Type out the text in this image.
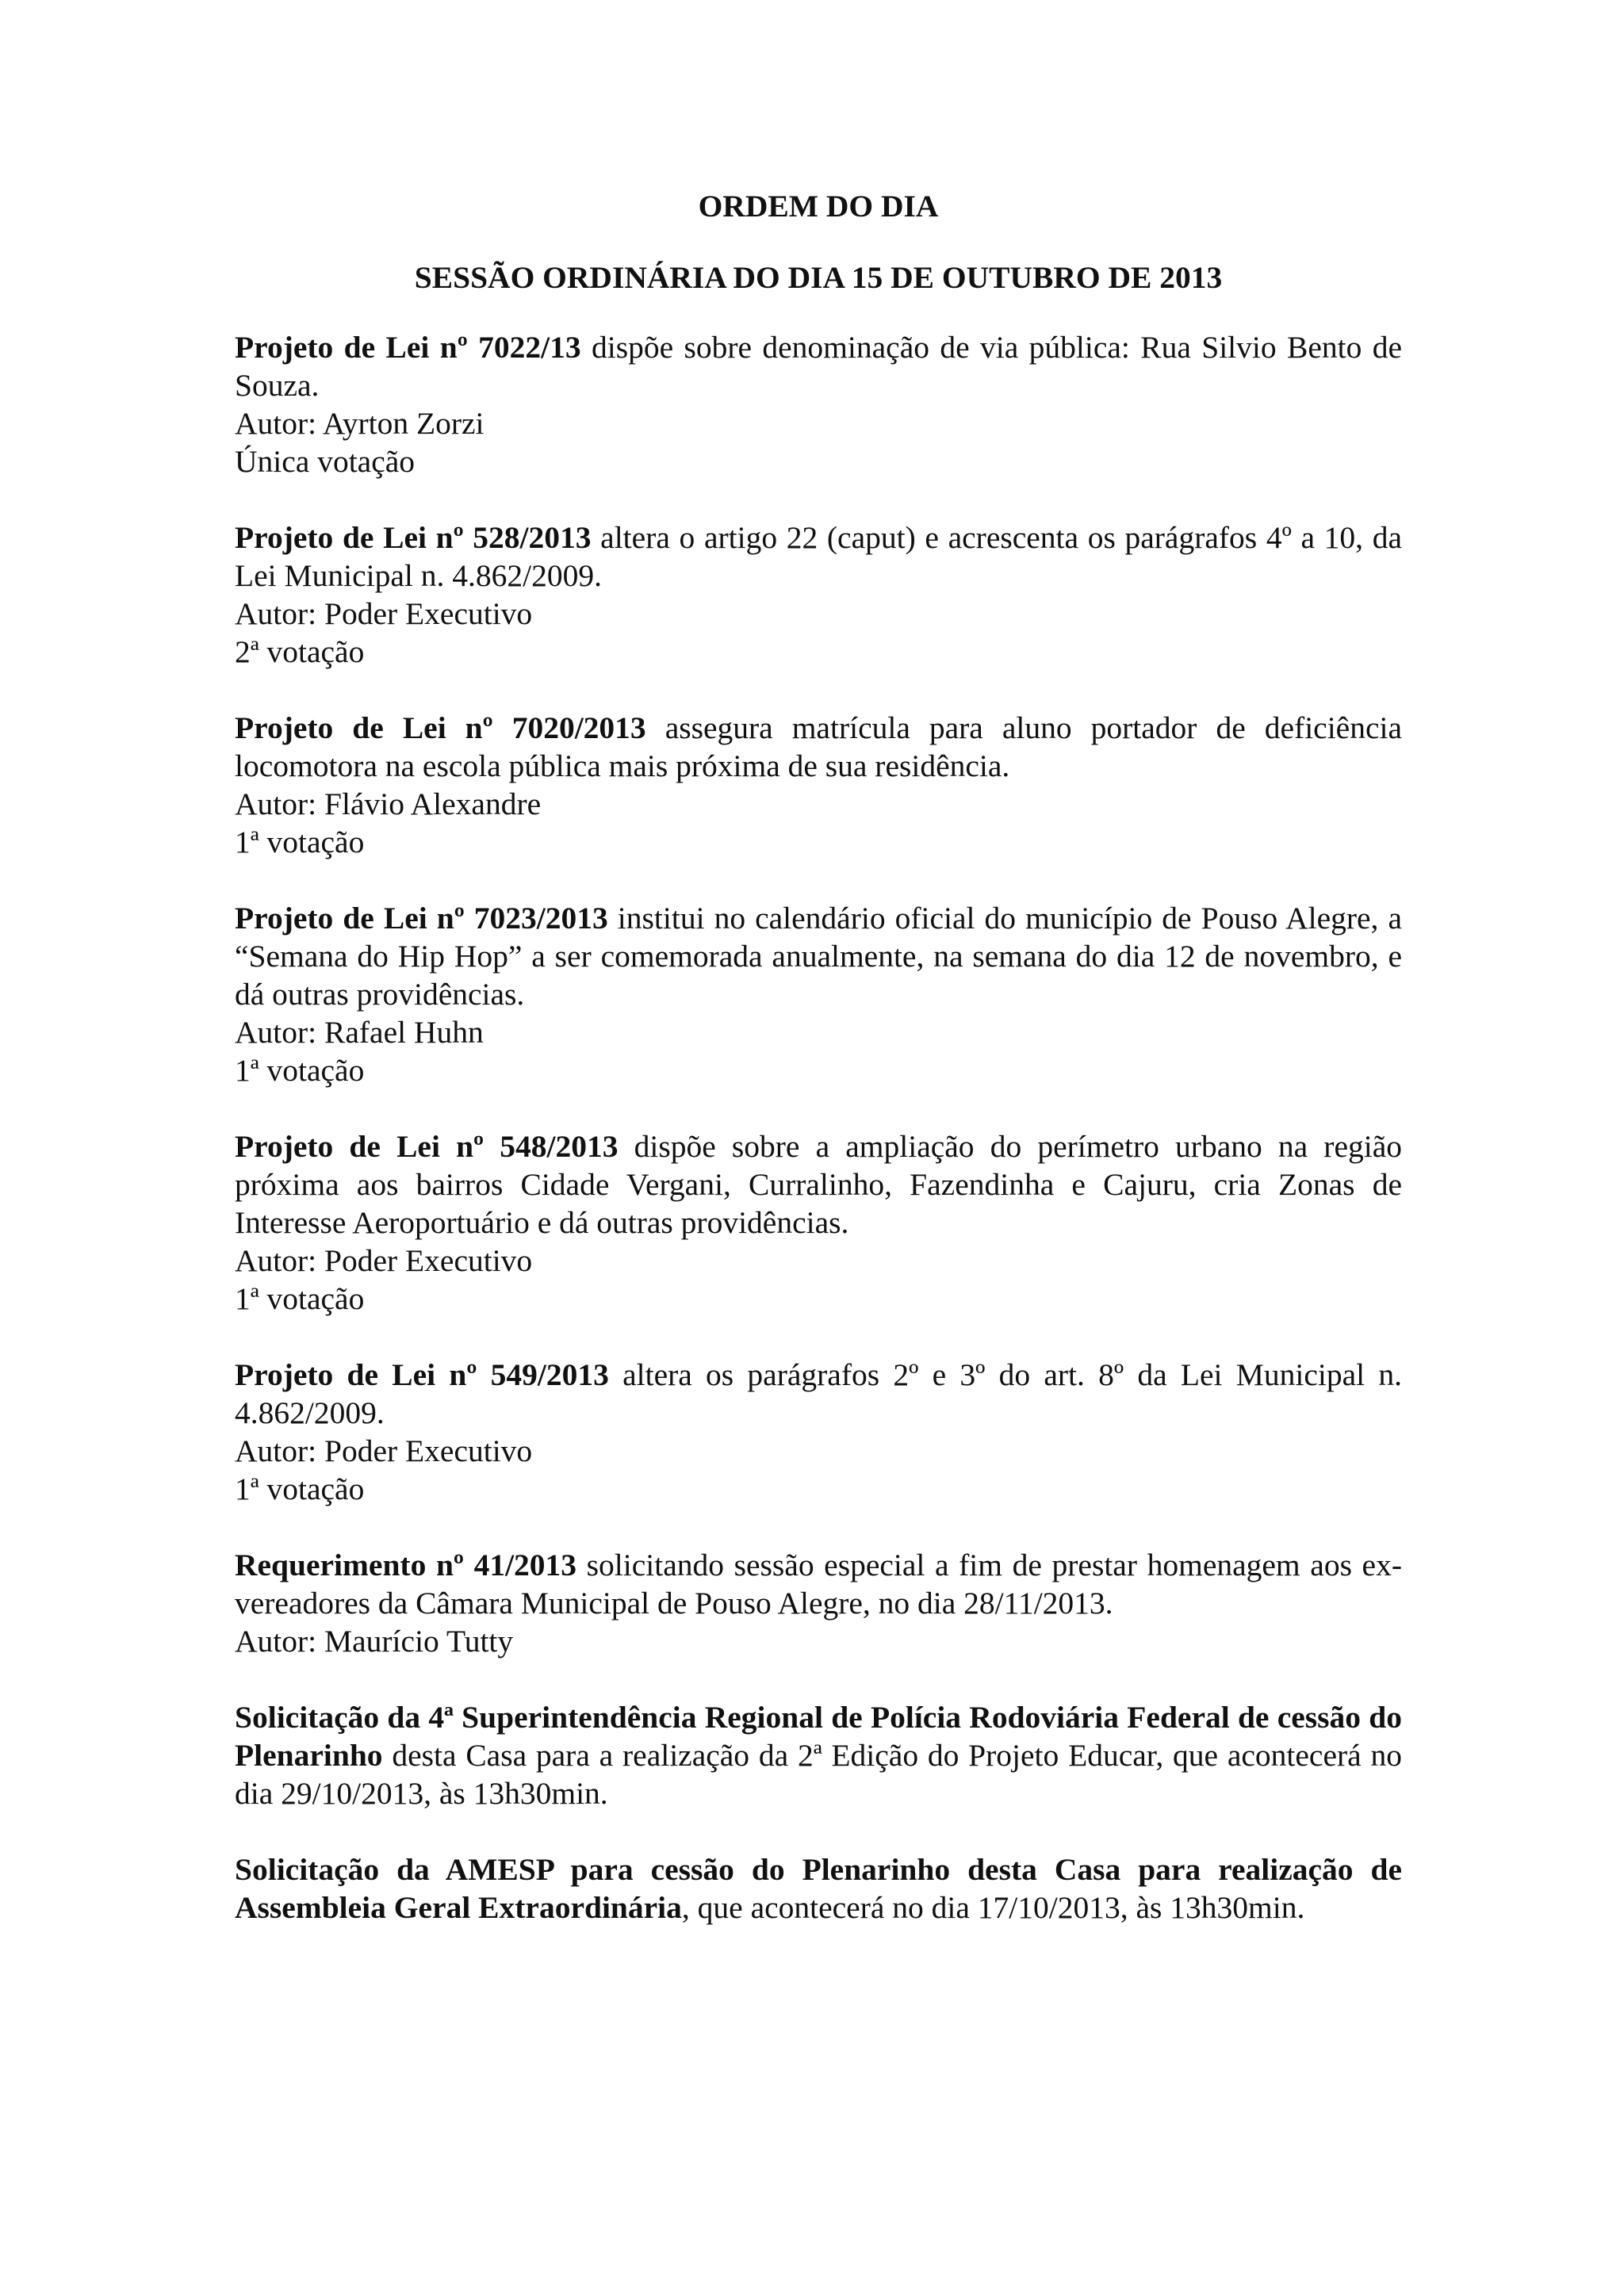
ORDEM DO DIA

SESSÃO ORDINÁRIA DO DIA 15 DE OUTUBRO DE 2013

Projeto de Lei nº 7022/13 dispõe sobre denominação de via pública: Rua Silvio Bento de Souza.

Autor: Ayrton Zorzi

Única votação

Projeto de Lei nº 528/2013 altera o artigo 22 (caput) e acrescenta os parágrafos 4º a 10, da Lei Municipal n. 4.862/2009.

Autor: Poder Executivo

2ª votação

Projeto de Lei nº 7020/2013 assegura matrícula para aluno portador de deficiência locomotora na escola pública mais próxima de sua residência.

Autor: Flávio Alexandre

1ª votação

Projeto de Lei nº 7023/2013 institui no calendário oficial do município de Pouso Alegre, a “Semana do Hip Hop” a ser comemorada anualmente, na semana do dia 12 de novembro, e dá outras providências.

Autor: Rafael Huhn

1ª votação

Projeto de Lei nº 548/2013 dispõe sobre a ampliação do perímetro urbano na região próxima aos bairros Cidade Vergani, Curralinho, Fazendinha e Cajuru, cria Zonas de Interesse Aeroportuário e dá outras providências.

Autor: Poder Executivo

1ª votação

Projeto de Lei nº 549/2013 altera os parágrafos 2º e 3º do art. 8º da Lei Municipal n. 4.862/2009.

Autor: Poder Executivo

1ª votação

Requerimento nº 41/2013 solicitando sessão especial a fim de prestar homenagem aos ex-vereadores da Câmara Municipal de Pouso Alegre, no dia 28/11/2013.

Autor: Maurício Tutty

Solicitação da 4ª Superintendência Regional de Polícia Rodoviária Federal de cessão do Plenarinho desta Casa para a realização da 2ª Edição do Projeto Educar, que acontecerá no dia 29/10/2013, às 13h30min.

Solicitação da AMESP para cessão do Plenarinho desta Casa para realização de Assembleia Geral Extraordinária, que acontecerá no dia 17/10/2013, às 13h30min.
